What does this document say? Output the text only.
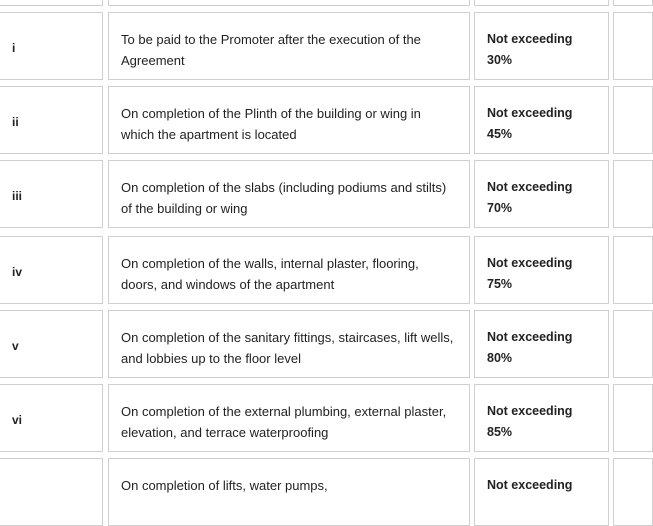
i
To be paid to the Promoter after the execution of the Agreement
Not exceeding
30%
ii
On completion of the Plinth of the building or wing in which the apartment is located
Not exceeding
45%
iii
On completion of the slabs (including podiums and stilts) of the building or wing
Not exceeding
70%
iv
On completion of the walls, internal plaster, flooring, doors, and windows of the apartment
Not exceeding
75%
v
On completion of the sanitary fittings, staircases, lift wells, and lobbies up to the floor level
Not exceeding
80%
vi
On completion of the external plumbing, external plaster, elevation, and terrace waterproofing
Not exceeding
85%
On completion of lifts, water pumps,	Not exceeding
